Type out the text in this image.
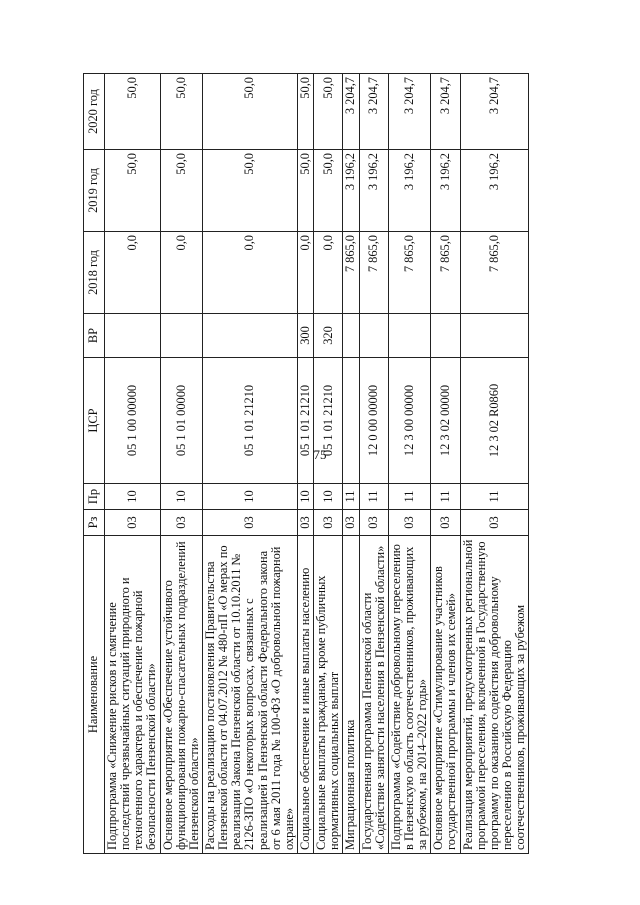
75
Наименование	Рз	Пр	ЦСР	ВР	2018 год	2019 год	2020 год
Подпрограмма «Снижение рисков и смягчение последствий чрезвычайных ситуаций природного и техногенного характера и обеспечение пожарной безопасности Пензенской области»	03	10	05 1 00 00000		0,0	50,0	50,0
Основное мероприятие «Обеспечение устойчивого функционирования пожарно-спасательных подразделений Пензенской области»	03	10	05 1 01 00000		0,0	50,0	50,0
Расходы на реализацию постановления Правительства Пензенской области от 04.07.2012 № 480-пП «О мерах по реализации Закона Пензенской области от 10.10.2011 № 2126-ЗПО «О некоторых вопросах, связанных с реализацией в Пензенской области Федерального закона от 6 мая 2011 года № 100-ФЗ «О добровольной пожарной охране»	03	10	05 1 01 21210		0,0	50,0	50,0
Социальное обеспечение и иные выплаты населению	03	10	05 1 01 21210	300	0,0	50,0	50,0
Социальные выплаты гражданам, кроме публичных нормативных социальных выплат	03	10	05 1 01 21210	320	0,0	50,0	50,0
Миграционная политика	03	11			7 865,0	3 196,2	3 204,7
Государственная программа Пензенской области «Содействие занятости населения в Пензенской области»	03	11	12 0 00 00000		7 865,0	3 196,2	3 204,7
Подпрограмма «Содействие добровольному переселению в Пензенскую область соотечественников, проживающих за рубежом, на 2014–2022 годы»	03	11	12 3 00 00000		7 865,0	3 196,2	3 204,7
Основное мероприятие «Стимулирование участников государственной программы и членов их семей»	03	11	12 3 02 00000		7 865,0	3 196,2	3 204,7
Реализация мероприятий, предусмотренных региональной программой переселения, включенной в Государственную программу по оказанию содействия добровольному переселению в Российскую Федерацию соотечественников, проживающих за рубежом	03	11	12 3 02 R0860		7 865,0	3 196,2	3 204,7
